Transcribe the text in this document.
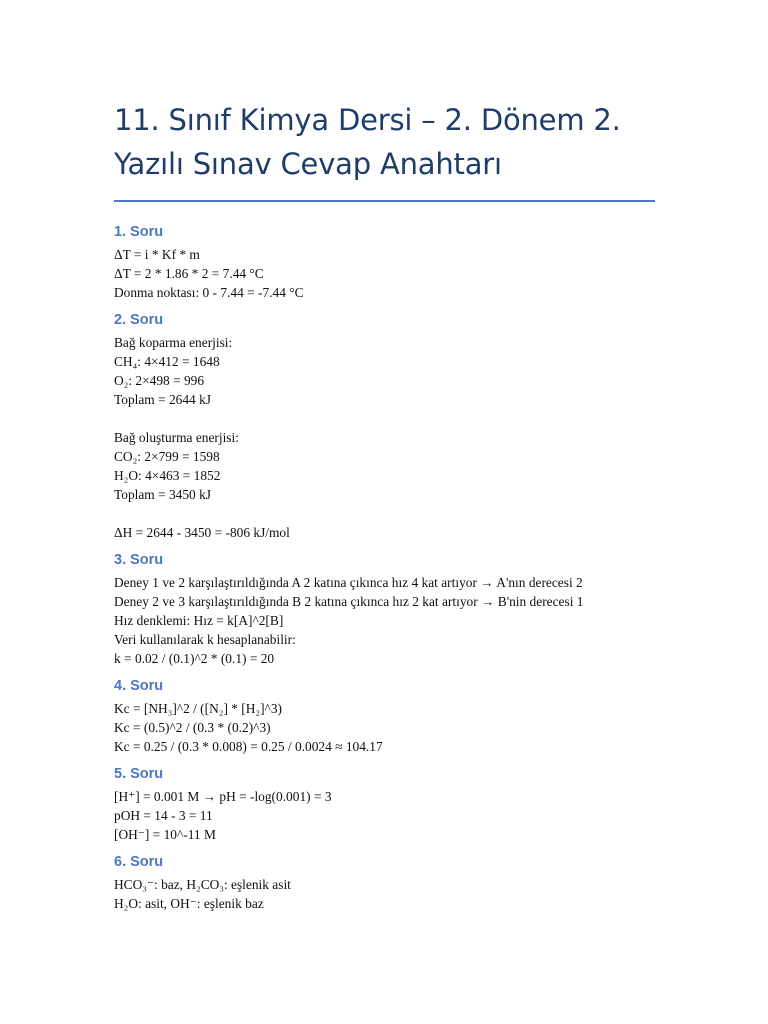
11. Sınıf Kimya Dersi – 2. Dönem 2.
Yazılı Sınav Cevap Anahtarı
1. Soru
ΔT = i * Kf * m
ΔT = 2 * 1.86 * 2 = 7.44 °C
Donma noktası: 0 - 7.44 = -7.44 °C
2. Soru
Bağ koparma enerjisi:
CH₄: 4×412 = 1648
O₂: 2×498 = 996
Toplam = 2644 kJ
Bağ oluşturma enerjisi:
CO₂: 2×799 = 1598
H₂O: 4×463 = 1852
Toplam = 3450 kJ
ΔH = 2644 - 3450 = -806 kJ/mol
3. Soru
Deney 1 ve 2 karşılaştırıldığında A 2 katına çıkınca hız 4 kat artıyor → A'nın derecesi 2
Deney 2 ve 3 karşılaştırıldığında B 2 katına çıkınca hız 2 kat artıyor → B'nin derecesi 1
Hız denklemi: Hız = k[A]^2[B]
Veri kullanılarak k hesaplanabilir:
k = 0.02 / (0.1)^2 * (0.1) = 20
4. Soru
Kc = [NH₃]^2 / ([N₂] * [H₂]^3)
Kc = (0.5)^2 / (0.3 * (0.2)^3)
Kc = 0.25 / (0.3 * 0.008) = 0.25 / 0.0024 ≈ 104.17
5. Soru
[H⁺] = 0.001 M → pH = -log(0.001) = 3
pOH = 14 - 3 = 11
[OH⁻] = 10^-11 M
6. Soru
HCO₃⁻: baz, H₂CO₃: eşlenik asit
H₂O: asit, OH⁻: eşlenik baz
